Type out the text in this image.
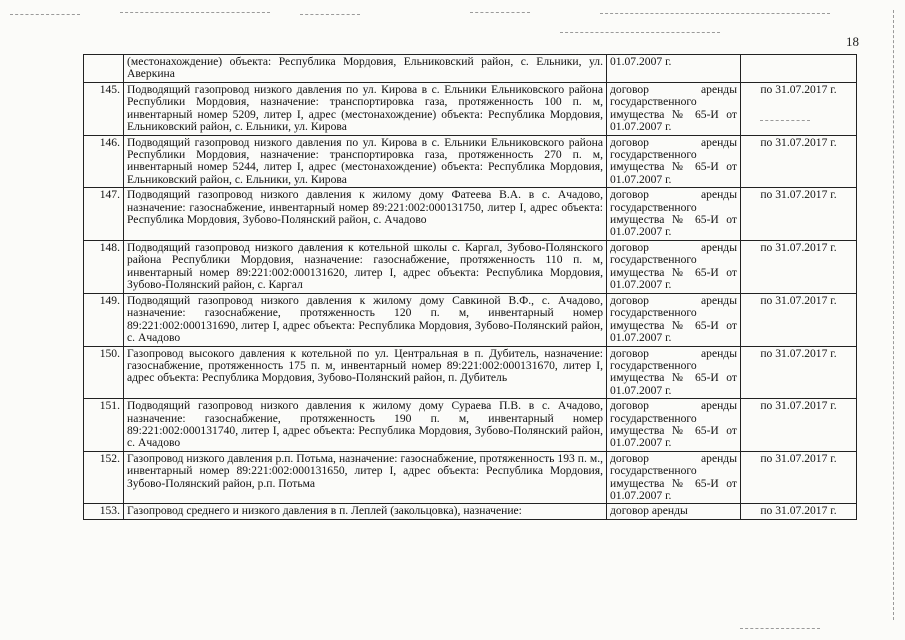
18
	(местонахождение) объекта: Республика Мордовия, Ельниковский район, с. Ельники, ул. Аверкина	01.07.2007 г.	
145.	Подводящий газопровод низкого давления по ул. Кирова в с. Ельники Ельниковского района Республики Мордовия, назначение: транспортировка газа, протяженность 100 п. м, инвентарный номер 5209, литер I, адрес (местонахождение) объекта: Республика Мордовия, Ельниковский район, с. Ельники, ул. Кирова	договор аренды государственного имущества № 65-И от 01.07.2007 г.	по 31.07.2017 г.
146.	Подводящий газопровод низкого давления по ул. Кирова в с. Ельники Ельниковского района Республики Мордовия, назначение: транспортировка газа, протяженность 270 п. м, инвентарный номер 5244, литер I, адрес (местонахождение) объекта: Республика Мордовия, Ельниковский район, с. Ельники, ул. Кирова	договор аренды государственного имущества № 65-И от 01.07.2007 г.	по 31.07.2017 г.
147.	Подводящий газопровод низкого давления к жилому дому Фатеева В.А. в с. Ачадово, назначение: газоснабжение, инвентарный номер 89:221:002:000131750, литер I, адрес объекта: Республика Мордовия, Зубово-Полянский район, с. Ачадово	договор аренды государственного имущества № 65-И от 01.07.2007 г.	по 31.07.2017 г.
148.	Подводящий газопровод низкого давления к котельной школы с. Каргал, Зубово-Полянского района Республики Мордовия, назначение: газоснабжение, протяженность 110 п. м, инвентарный номер 89:221:002:000131620, литер I, адрес объекта: Республика Мордовия, Зубово-Полянский район, с. Каргал	договор аренды государственного имущества № 65-И от 01.07.2007 г.	по 31.07.2017 г.
149.	Подводящий газопровод низкого давления к жилому дому Савкиной В.Ф., с. Ачадово, назначение: газоснабжение, протяженность 120 п. м, инвентарный номер 89:221:002:000131690, литер I, адрес объекта: Республика Мордовия, Зубово-Полянский район, с. Ачадово	договор аренды государственного имущества № 65-И от 01.07.2007 г.	по 31.07.2017 г.
150.	Газопровод высокого давления к котельной по ул. Центральная в п. Дубитель, назначение: газоснабжение, протяженность 175 п. м, инвентарный номер 89:221:002:000131670, литер I, адрес объекта: Республика Мордовия, Зубово-Полянский район, п. Дубитель	договор аренды государственного имущества № 65-И от 01.07.2007 г.	по 31.07.2017 г.
151.	Подводящий газопровод низкого давления к жилому дому Сураева П.В. в с. Ачадово, назначение: газоснабжение, протяженность 190 п. м, инвентарный номер 89:221:002:000131740, литер I, адрес объекта: Республика Мордовия, Зубово-Полянский район, с. Ачадово	договор аренды государственного имущества № 65-И от 01.07.2007 г.	по 31.07.2017 г.
152.	Газопровод низкого давления р.п. Потьма, назначение: газоснабжение, протяженность 193 п. м., инвентарный номер 89:221:002:000131650, литер I, адрес объекта: Республика Мордовия, Зубово-Полянский район, р.п. Потьма	договор аренды государственного имущества № 65-И от 01.07.2007 г.	по 31.07.2017 г.
153.	Газопровод среднего и низкого давления в п. Леплей (закольцовка), назначение:	договор аренды	по 31.07.2017 г.
